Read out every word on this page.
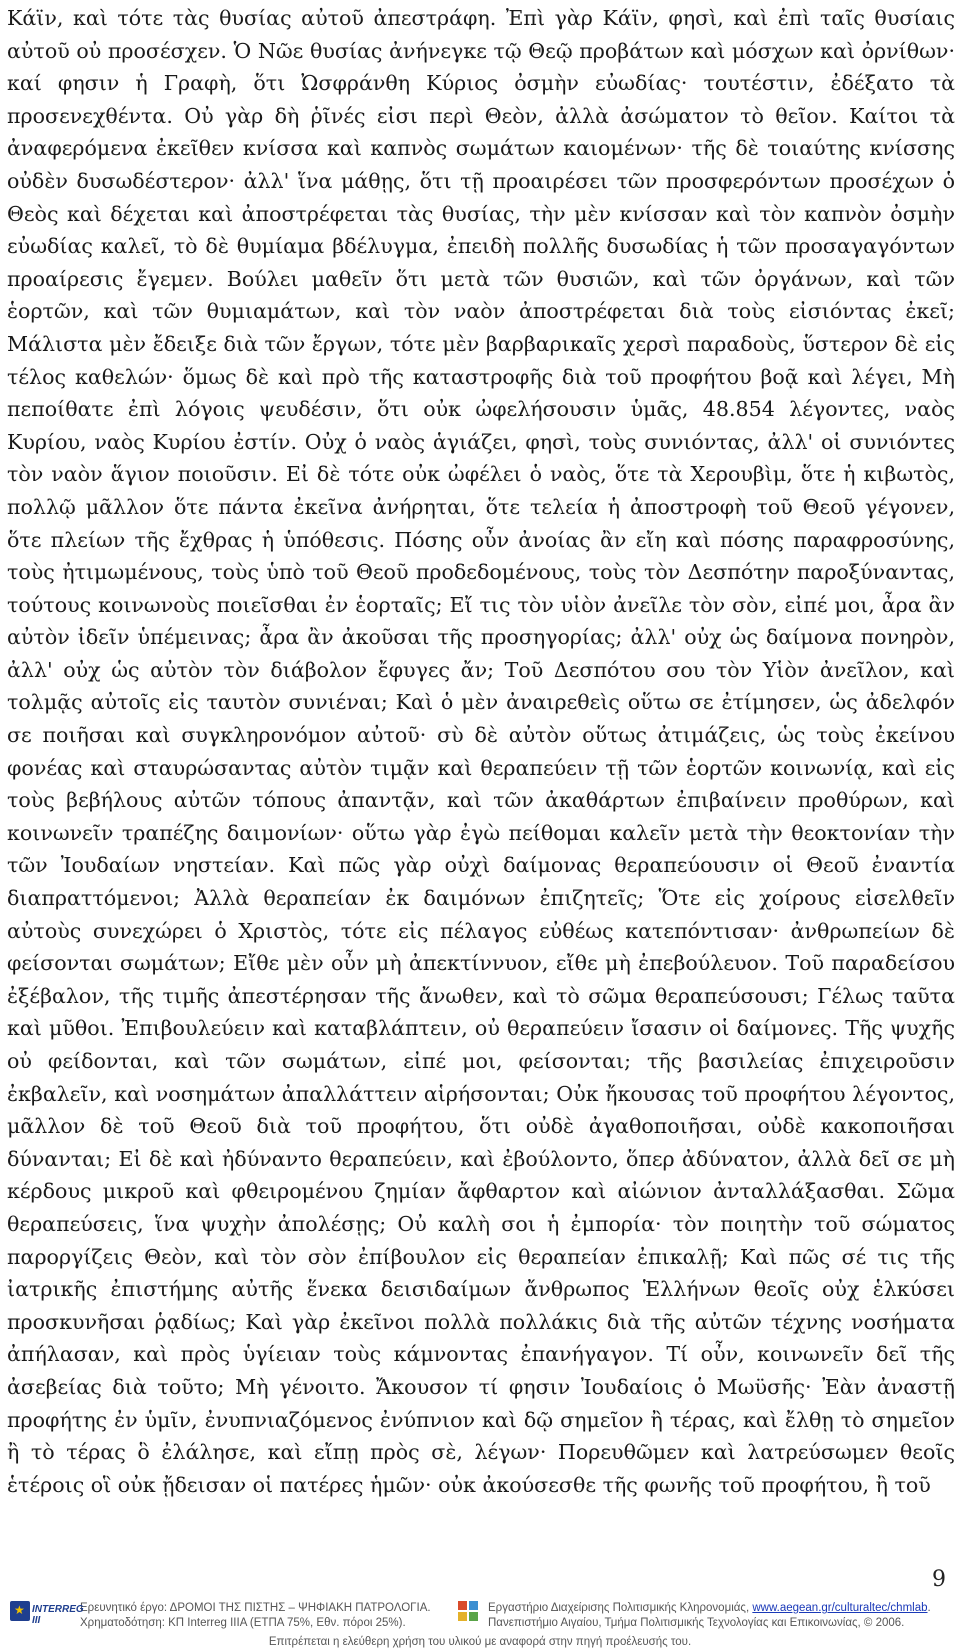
Κάϊν, καὶ τότε τὰς θυσίας αὐτοῦ ἀπεστράφη. Ἐπὶ γὰρ Κάϊν, φησὶ, καὶ ἐπὶ ταῖς θυσίαις αὐτοῦ οὐ προσέσχεν. Ὁ Νῶε θυσίας ἀνήνεγκε τῷ Θεῷ προβάτων καὶ μόσχων καὶ ὀρνίθων· καί φησιν ἡ Γραφὴ, ὅτι Ὠσφράνθη Κύριος ὀσμὴν εὐωδίας· τουτέστιν, ἐδέξατο τὰ προσενεχθέντα. Οὐ γὰρ δὴ ῥῖνές εἰσι περὶ Θεὸν, ἀλλὰ ἀσώματον τὸ θεῖον. Καίτοι τὰ ἀναφερόμενα ἐκεῖθεν κνίσσα καὶ καπνὸς σωμάτων καιομένων· τῆς δὲ τοιαύτης κνίσσης οὐδὲν δυσωδέστερον· ἀλλ' ἵνα μάθῃς, ὅτι τῇ προαιρέσει τῶν προσφερόντων προσέχων ὁ Θεὸς καὶ δέχεται καὶ ἀποστρέφεται τὰς θυσίας, τὴν μὲν κνίσσαν καὶ τὸν καπνὸν ὀσμὴν εὐωδίας καλεῖ, τὸ δὲ θυμίαμα βδέλυγμα, ἐπειδὴ πολλῆς δυσωδίας ἡ τῶν προσαγαγόντων προαίρεσις ἔγεμεν. Βούλει μαθεῖν ὅτι μετὰ τῶν θυσιῶν, καὶ τῶν ὀργάνων, καὶ τῶν ἑορτῶν, καὶ τῶν θυμιαμάτων, καὶ τὸν ναὸν ἀποστρέφεται διὰ τοὺς εἰσιόντας ἐκεῖ; Μάλιστα μὲν ἔδειξε διὰ τῶν ἔργων, τότε μὲν βαρβαρικαῖς χερσὶ παραδοὺς, ὕστερον δὲ εἰς τέλος καθελών· ὅμως δὲ καὶ πρὸ τῆς καταστροφῆς διὰ τοῦ προφήτου βοᾷ καὶ λέγει, Μὴ πεποίθατε ἐπὶ λόγοις ψευδέσιν, ὅτι οὐκ ὠφελήσουσιν ὑμᾶς, 48.854 λέγοντες, ναὸς Κυρίου, ναὸς Κυρίου ἐστίν. Οὐχ ὁ ναὸς ἁγιάζει, φησὶ, τοὺς συνιόντας, ἀλλ' οἱ συνιόντες τὸν ναὸν ἅγιον ποιοῦσιν. Εἰ δὲ τότε οὐκ ὠφέλει ὁ ναὸς, ὅτε τὰ Χερουβὶμ, ὅτε ἡ κιβωτὸς, πολλῷ μᾶλλον ὅτε πάντα ἐκεῖνα ἀνήρηται, ὅτε τελεία ἡ ἀποστροφὴ τοῦ Θεοῦ γέγονεν, ὅτε πλείων τῆς ἔχθρας ἡ ὑπόθεσις. Πόσης οὖν ἀνοίας ἂν εἴη καὶ πόσης παραφροσύνης, τοὺς ἠτιμωμένους, τοὺς ὑπὸ τοῦ Θεοῦ προδεδομένους, τοὺς τὸν Δεσπότην παροξύναντας, τούτους κοινωνοὺς ποιεῖσθαι ἐν ἑορταῖς; Εἴ τις τὸν υἱὸν ἀνεῖλε τὸν σὸν, εἰπέ μοι, ἆρα ἂν αὐτὸν ἰδεῖν ὑπέμεινας; ἆρα ἂν ἀκοῦσαι τῆς προσηγορίας; ἀλλ' οὐχ ὡς δαίμονα πονηρὸν, ἀλλ' οὐχ ὡς αὐτὸν τὸν διάβολον ἔφυγες ἄν; Τοῦ Δεσπότου σου τὸν Υἱὸν ἀνεῖλον, καὶ τολμᾷς αὐτοῖς εἰς ταυτὸν συνιέναι; Καὶ ὁ μὲν ἀναιρεθεὶς οὕτω σε ἐτίμησεν, ὡς ἀδελφόν σε ποιῆσαι καὶ συγκληρονόμον αὐτοῦ· σὺ δὲ αὐτὸν οὕτως ἀτιμάζεις, ὡς τοὺς ἐκείνου φονέας καὶ σταυρώσαντας αὐτὸν τιμᾷν καὶ θεραπεύειν τῇ τῶν ἑορτῶν κοινωνίᾳ, καὶ εἰς τοὺς βεβήλους αὐτῶν τόπους ἀπαντᾷν, καὶ τῶν ἀκαθάρτων ἐπιβαίνειν προθύρων, καὶ κοινωνεῖν τραπέζης δαιμονίων· οὕτω γὰρ ἐγὼ πείθομαι καλεῖν μετὰ τὴν θεοκτονίαν τὴν τῶν Ἰουδαίων νηστείαν. Καὶ πῶς γὰρ οὐχὶ δαίμονας θεραπεύουσιν οἱ Θεοῦ ἐναντία διαπραττόμενοι; Ἀλλὰ θεραπείαν ἐκ δαιμόνων ἐπιζητεῖς; Ὅτε εἰς χοίρους εἰσελθεῖν αὐτοὺς συνεχώρει ὁ Χριστὸς, τότε εἰς πέλαγος εὐθέως κατεπόντισαν· ἀνθρωπείων δὲ φείσονται σωμάτων; Εἴθε μὲν οὖν μὴ ἀπεκτίννυον, εἴθε μὴ ἐπεβούλευον. Τοῦ παραδείσου ἐξέβαλον, τῆς τιμῆς ἀπεστέρησαν τῆς ἄνωθεν, καὶ τὸ σῶμα θεραπεύσουσι; Γέλως ταῦτα καὶ μῦθοι. Ἐπιβουλεύειν καὶ καταβλάπτειν, οὐ θεραπεύειν ἴσασιν οἱ δαίμονες. Τῆς ψυχῆς οὐ φείδονται, καὶ τῶν σωμάτων, εἰπέ μοι, φείσονται; τῆς βασιλείας ἐπιχειροῦσιν ἐκβαλεῖν, καὶ νοσημάτων ἀπαλλάττειν αἱρήσονται; Οὐκ ἤκουσας τοῦ προφήτου λέγοντος, μᾶλλον δὲ τοῦ Θεοῦ διὰ τοῦ προφήτου, ὅτι οὐδὲ ἀγαθοποιῆσαι, οὐδὲ κακοποιῆσαι δύνανται; Εἰ δὲ καὶ ἠδύναντο θεραπεύειν, καὶ ἐβούλοντο, ὅπερ ἀδύνατον, ἀλλὰ δεῖ σε μὴ κέρδους μικροῦ καὶ φθειρομένου ζημίαν ἄφθαρτον καὶ αἰώνιον ἀνταλλάξασθαι. Σῶμα θεραπεύσεις, ἵνα ψυχὴν ἀπολέσῃς; Οὐ καλὴ σοι ἡ ἐμπορία· τὸν ποιητὴν τοῦ σώματος παροργίζεις Θεὸν, καὶ τὸν σὸν ἐπίβουλον εἰς θεραπείαν ἐπικαλῇ; Καὶ πῶς σέ τις τῆς ἰατρικῆς ἐπιστήμης αὐτῆς ἕνεκα δεισιδαίμων ἄνθρωπος Ἑλλήνων θεοῖς οὐχ ἑλκύσει προσκυνῆσαι ῥᾳδίως; Καὶ γὰρ ἐκεῖνοι πολλὰ πολλάκις διὰ τῆς αὐτῶν τέχνης νοσήματα ἀπήλασαν, καὶ πρὸς ὑγίειαν τοὺς κάμνοντας ἐπανήγαγον. Τί οὖν, κοινωνεῖν δεῖ τῆς ἀσεβείας διὰ τοῦτο; Μὴ γένοιτο. Ἄκουσον τί φησιν Ἰουδαίοις ὁ Μωϋσῆς· Ἐὰν ἀναστῇ προφήτης ἐν ὑμῖν, ἐνυπνιαζόμενος ἐνύπνιον καὶ δῷ σημεῖον ἢ τέρας, καὶ ἔλθῃ τὸ σημεῖον ἢ τὸ τέρας ὃ ἐλάλησε, καὶ εἴπῃ πρὸς σὲ, λέγων· Πορευθῶμεν καὶ λατρεύσωμεν θεοῖς ἑτέροις οἳ οὐκ ᾔδεισαν οἱ πατέρες ἡμῶν· οὐκ ἀκούσεσθε τῆς φωνῆς τοῦ προφήτου, ἢ τοῦ

9
★
INTERREG III
Ερευνητικό έργο: ΔΡΟΜΟΙ ΤΗΣ ΠΙΣΤΗΣ – ΨΗΦΙΑΚΗ ΠΑΤΡΟΛΟΓΙΑ.
Χρηματοδότηση: ΚΠ Interreg IIIA (ΕΤΠΑ 75%, Εθν. πόροι 25%).
Εργαστήριο Διαχείρισης Πολιτισμικής Κληρονομιάς, www.aegean.gr/culturaltec/chmlab.
Πανεπιστήμιο Αιγαίου, Τμήμα Πολιτισμικής Τεχνολογίας και Επικοινωνίας, © 2006.
Επιτρέπεται η ελεύθερη χρήση του υλικού με αναφορά στην πηγή προέλευσής του.
